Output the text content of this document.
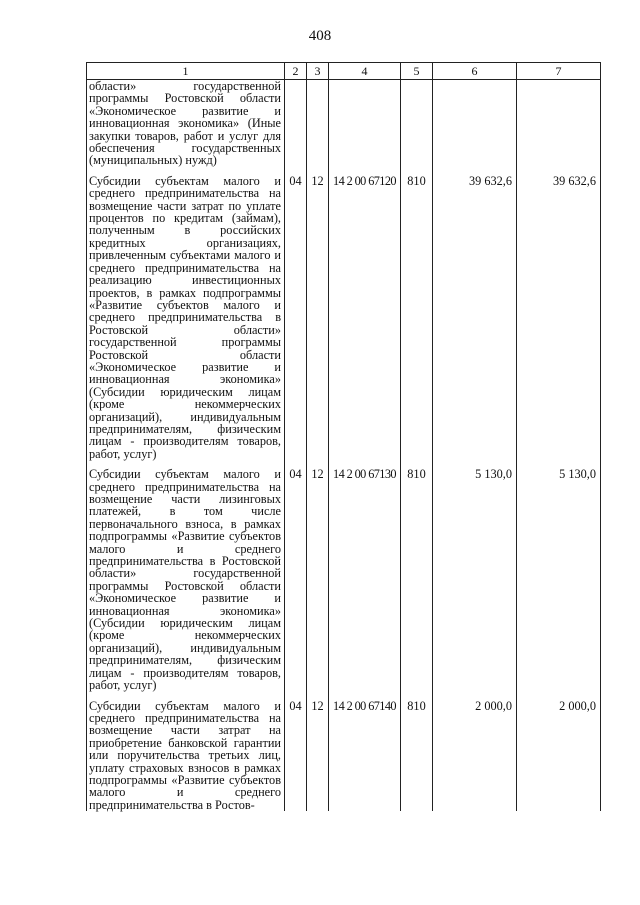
408
1	2	3	4	5	6	7
области» государственной программы Ростовской области «Экономическое развитие и инновационная экономика» (Иные закупки товаров, работ и услуг для обеспечения государственных (муниципальных) нужд)						

Субсидии субъектам малого и среднего предпринимательства на возмещение части затрат по уплате процентов по кредитам (займам), полученным в российских кредитных организациях, привлеченным субъектами малого и среднего предпринимательства на реализацию инвестиционных проектов, в рамках подпрограммы «Развитие субъектов малого и среднего предпринимательства в Ростовской области» государственной программы Ростовской области «Экономическое развитие и инновационная экономика» (Субсидии юридическим лицам (кроме некоммерческих организаций), индивидуальным предпринимателям, физическим лицам - производителям товаров, работ, услуг)	04	12	14 2 00 67120	810	39 632,6	39 632,6

Субсидии субъектам малого и среднего предпринимательства на возмещение части лизинговых платежей, в том числе первоначального взноса, в рамках подпрограммы «Развитие субъектов малого и среднего предпринимательства в Ростовской области» государственной программы Ростовской области «Экономическое развитие и инновационная экономика» (Субсидии юридическим лицам (кроме некоммерческих организаций), индивидуальным предпринимателям, физическим лицам - производителям товаров, работ, услуг)	04	12	14 2 00 67130	810	5 130,0	5 130,0

Субсидии субъектам малого и среднего предпринимательства на возмещение части затрат на приобретение банковской гарантии или поручительства третьих лиц, уплату страховых взносов в рамках подпрограммы «Развитие субъектов малого и среднего предпринимательства в Ростов-	04	12	14 2 00 67140	810	2 000,0	2 000,0
